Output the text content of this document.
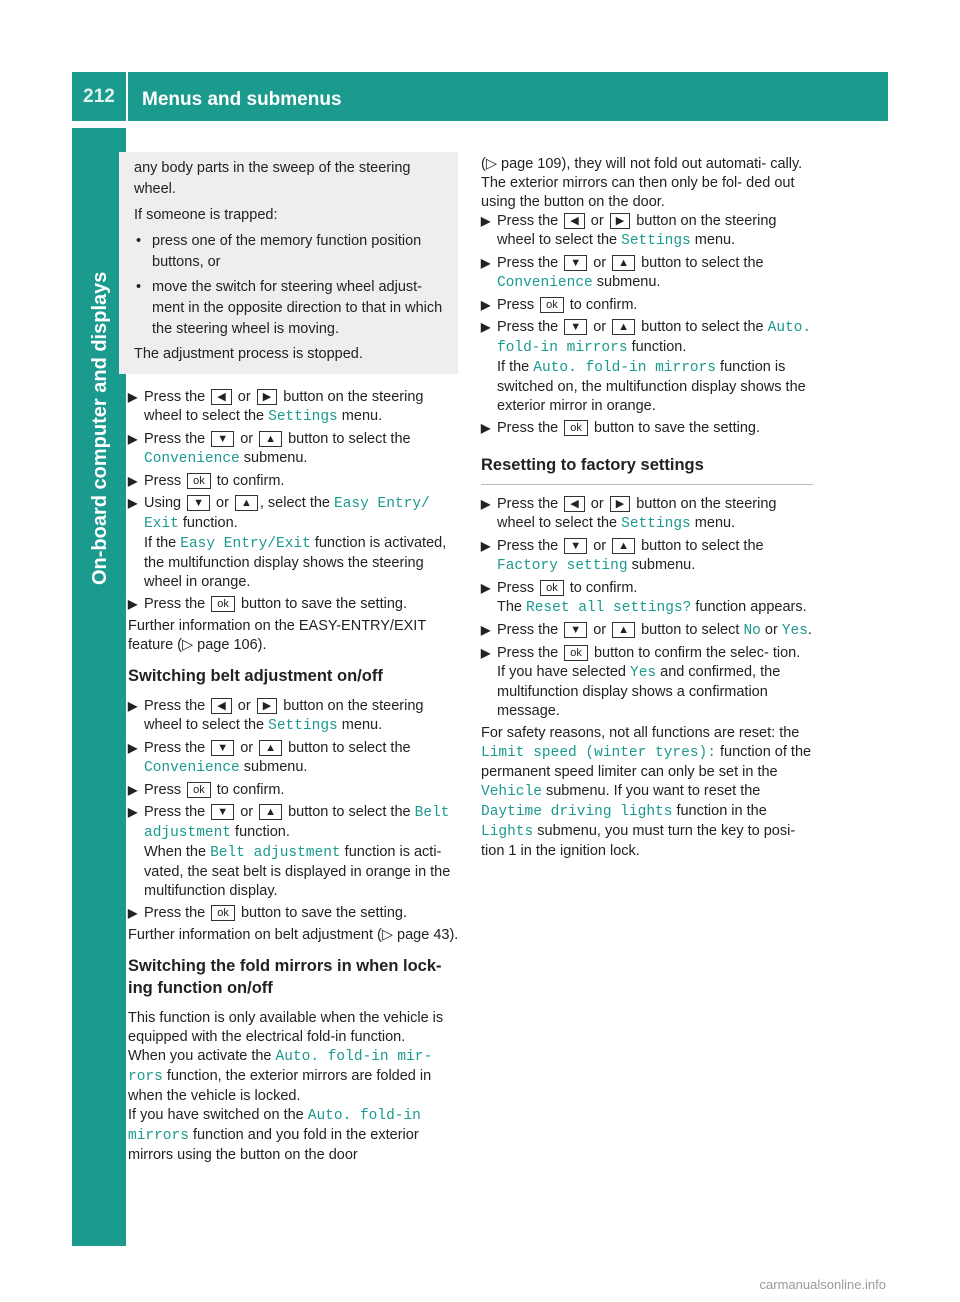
212	Menus and submenus
On-board computer and displays

any body parts in the sweep of the steering wheel.

If someone is trapped:

• press one of the memory function position buttons, or
• move the switch for steering wheel adjust- ment in the opposite direction to that in which the steering wheel is moving.

The adjustment process is stopped.

▶ Press the ◀ or ▶ button on the steering wheel to select the Settings menu.
▶ Press the ▼ or ▲ button to select the Convenience submenu.
▶ Press ok to confirm.
▶ Using ▼ or ▲ , select the Easy Entry/ Exit function.
If the Easy Entry/Exit function is activated, the multifunction display shows the steering wheel in orange.
▶ Press the ok button to save the setting.

Further information on the EASY-ENTRY/EXIT feature (▷ page 106).

Switching belt adjustment on/off
▶ Press the ◀ or ▶ button on the steering wheel to select the Settings menu.
▶ Press the ▼ or ▲ button to select the Convenience submenu.
▶ Press ok to confirm.
▶ Press the ▼ or ▲ button to select the Belt adjustment function.
When the Belt adjustment function is acti- vated, the seat belt is displayed in orange in the multifunction display.
▶ Press the ok button to save the setting.

Further information on belt adjustment (▷ page 43).

Switching the fold mirrors in when lock- ing function on/off

This function is only available when the vehicle is equipped with the electrical fold-in function.

When you activate the Auto. fold-in mir‐ rors function, the exterior mirrors are folded in when the vehicle is locked.

If you have switched on the Auto. fold-in mirrors function and you fold in the exterior mirrors using the button on the door

(▷ page 109), they will not fold out automati- cally. The exterior mirrors can then only be fol- ded out using the button on the door.

▶ Press the ◀ or ▶ button on the steering wheel to select the Settings menu.
▶ Press the ▼ or ▲ button to select the Convenience submenu.
▶ Press ok to confirm.
▶ Press the ▼ or ▲ button to select the Auto. fold-in mirrors function.
If the Auto. fold-in mirrors function is switched on, the multifunction display shows the exterior mirror in orange.
▶ Press the ok button to save the setting.
Resetting to factory settings
▶ Press the ◀ or ▶ button on the steering wheel to select the Settings menu.
▶ Press the ▼ or ▲ button to select the Factory setting submenu.
▶ Press ok to confirm.
The Reset all settings? function appears.
▶ Press the ▼ or ▲ button to select No or Yes.
▶ Press the ok button to confirm the selec- tion.
If you have selected Yes and confirmed, the multifunction display shows a confirmation message.

For safety reasons, not all functions are reset: the Limit speed (winter tyres): function of the permanent speed limiter can only be set in the Vehicle submenu. If you want to reset the Daytime driving lights function in the Lights submenu, you must turn the key to posi- tion 1 in the ignition lock.

carmanualsonline.info
